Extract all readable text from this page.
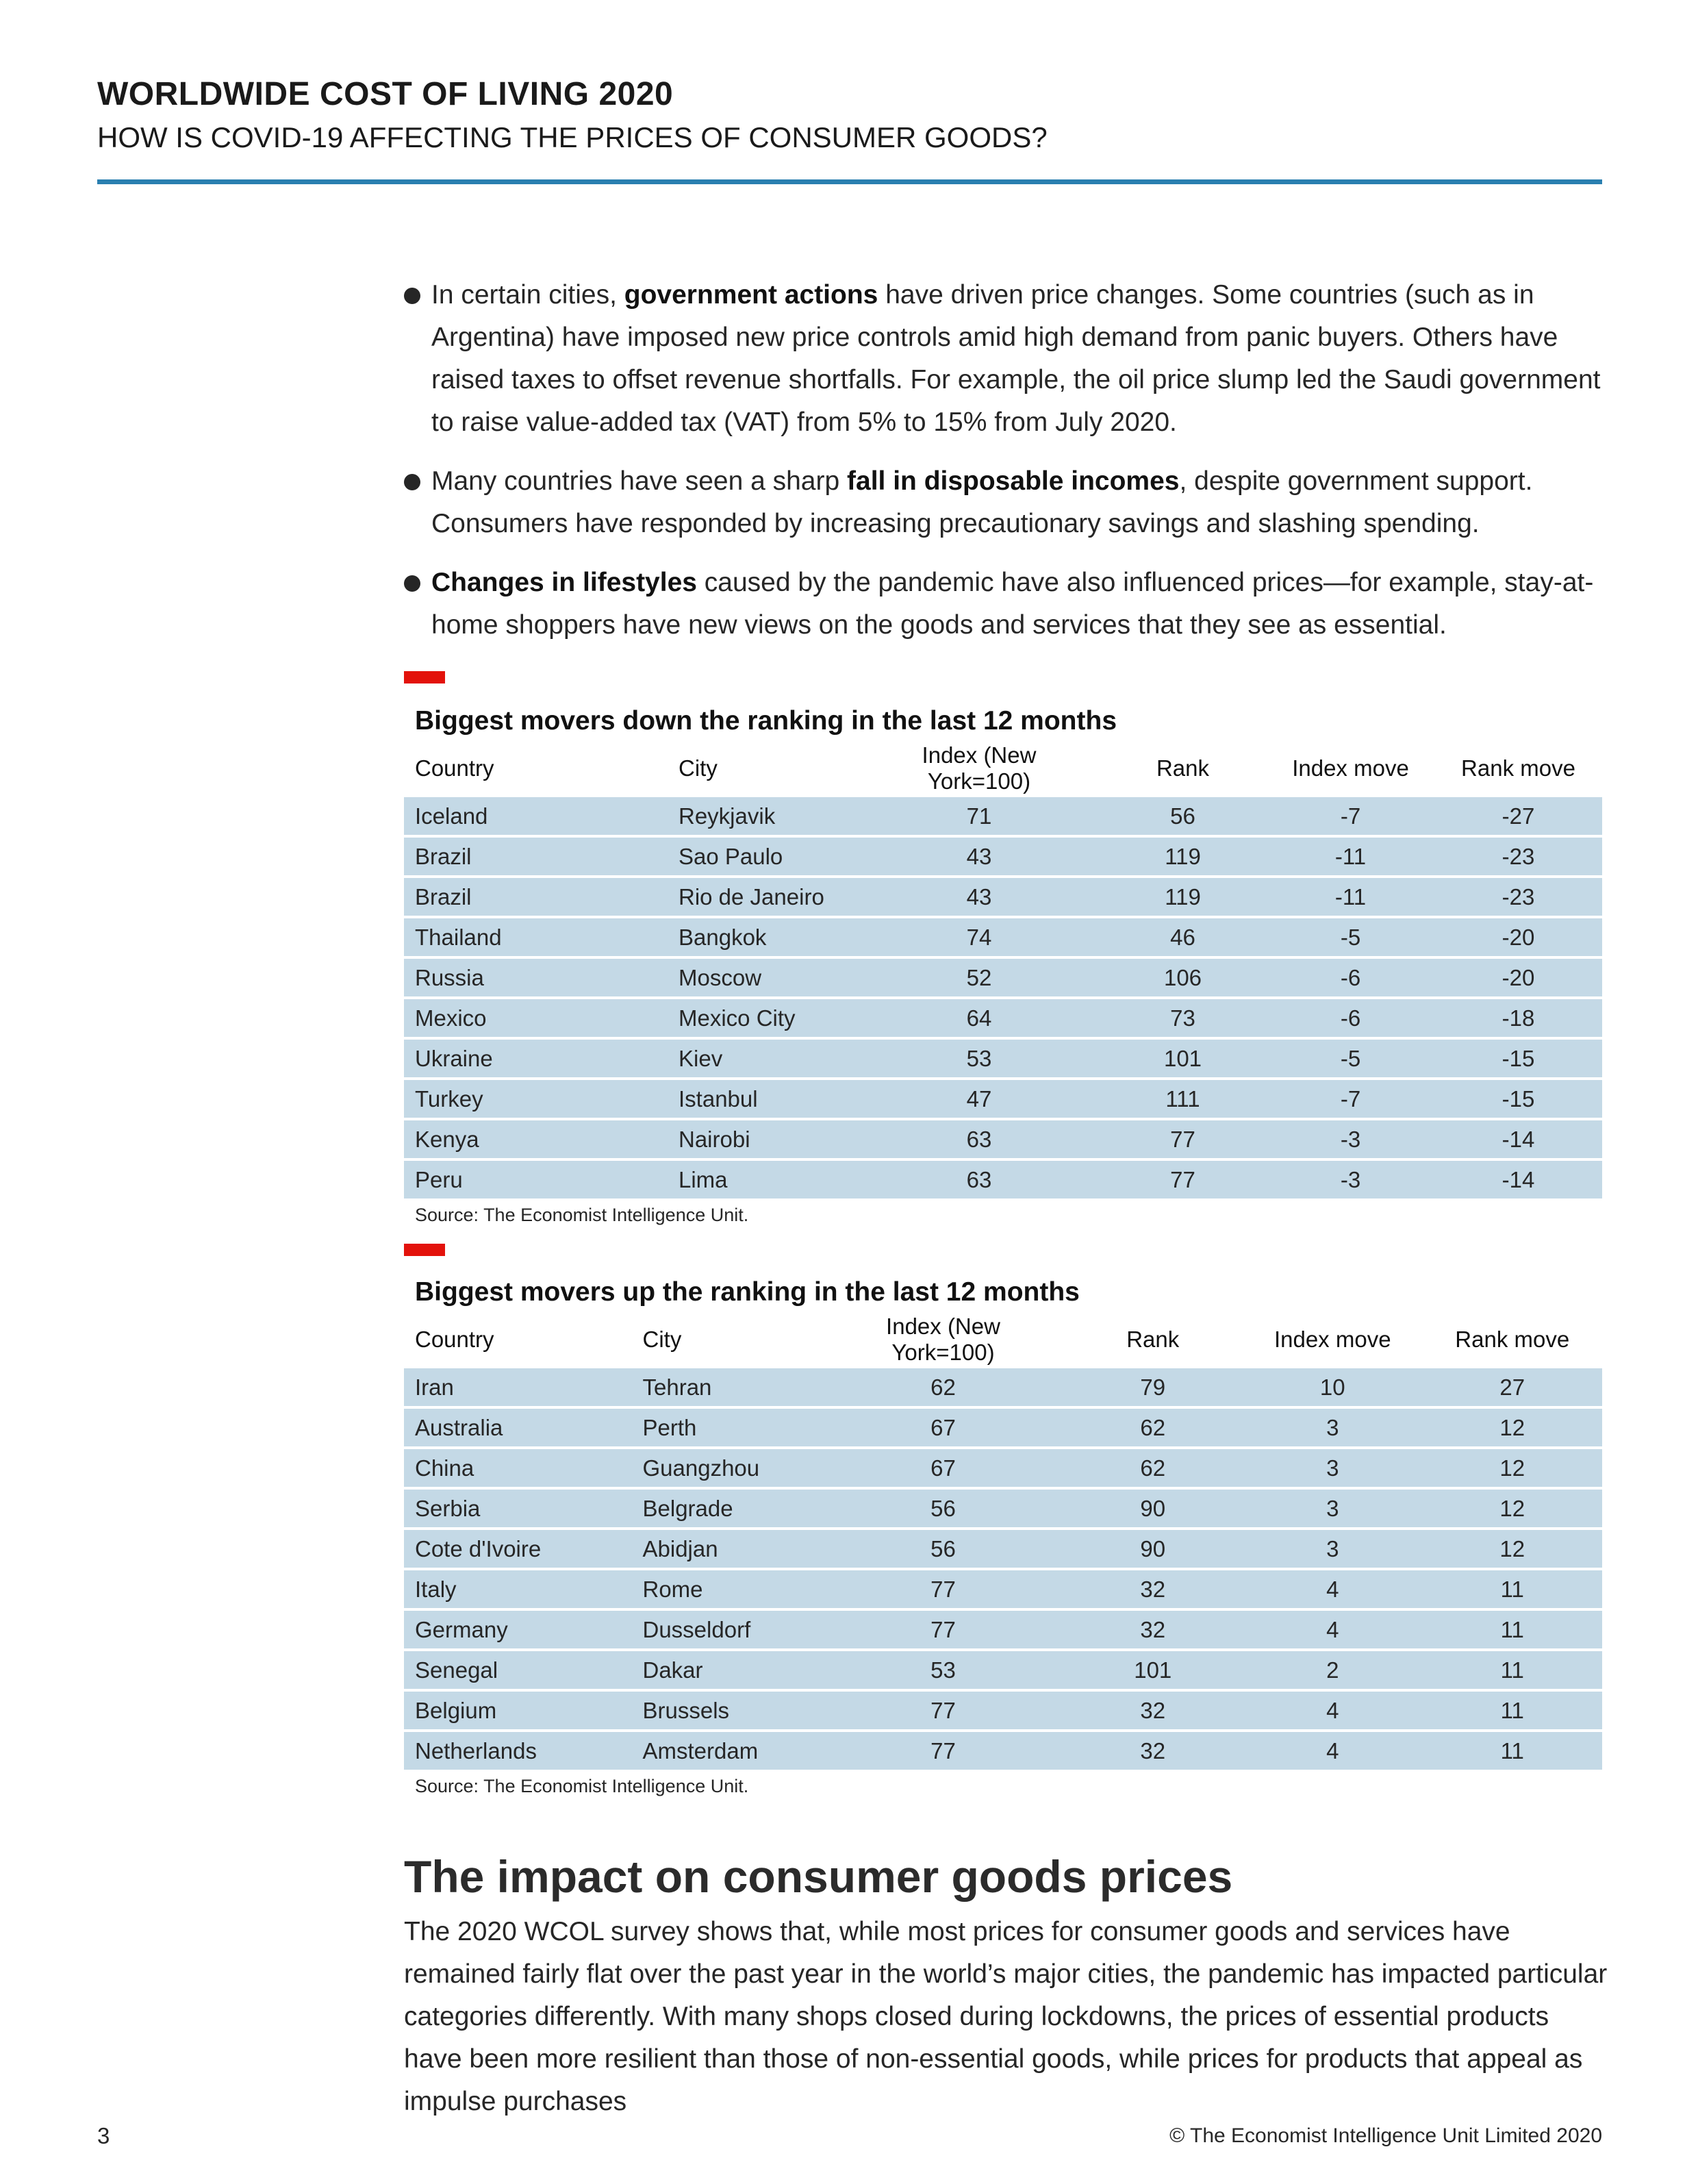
WORLDWIDE COST OF LIVING 2020
HOW IS COVID-19 AFFECTING THE PRICES OF CONSUMER GOODS?
In certain cities, government actions have driven price changes. Some countries (such as in Argentina) have imposed new price controls amid high demand from panic buyers. Others have raised taxes to offset revenue shortfalls. For example, the oil price slump led the Saudi government to raise value-added tax (VAT) from 5% to 15% from July 2020.
Many countries have seen a sharp fall in disposable incomes, despite government support. Consumers have responded by increasing precautionary savings and slashing spending.
Changes in lifestyles caused by the pandemic have also influenced prices—for example, stay-at-home shoppers have new views on the goods and services that they see as essential.
Biggest movers down the ranking in the last 12 months
Country	City	Index (New York=100)	Rank	Index move	Rank move
Iceland	Reykjavik	71	56	-7	-27
Brazil	Sao Paulo	43	119	-11	-23
Brazil	Rio de Janeiro	43	119	-11	-23
Thailand	Bangkok	74	46	-5	-20
Russia	Moscow	52	106	-6	-20
Mexico	Mexico City	64	73	-6	-18
Ukraine	Kiev	53	101	-5	-15
Turkey	Istanbul	47	111	-7	-15
Kenya	Nairobi	63	77	-3	-14
Peru	Lima	63	77	-3	-14
Source: The Economist Intelligence Unit.
Biggest movers up the ranking in the last 12 months
Country	City	Index (New York=100)	Rank	Index move	Rank move
Iran	Tehran	62	79	10	27
Australia	Perth	67	62	3	12
China	Guangzhou	67	62	3	12
Serbia	Belgrade	56	90	3	12
Cote d'Ivoire	Abidjan	56	90	3	12
Italy	Rome	77	32	4	11
Germany	Dusseldorf	77	32	4	11
Senegal	Dakar	53	101	2	11
Belgium	Brussels	77	32	4	11
Netherlands	Amsterdam	77	32	4	11
Source: The Economist Intelligence Unit.
The impact on consumer goods prices
The 2020 WCOL survey shows that, while most prices for consumer goods and services have remained fairly flat over the past year in the world’s major cities, the pandemic has impacted particular categories differently. With many shops closed during lockdowns, the prices of essential products have been more resilient than those of non-essential goods, while prices for products that appeal as impulse purchases
3	© The Economist Intelligence Unit Limited 2020
